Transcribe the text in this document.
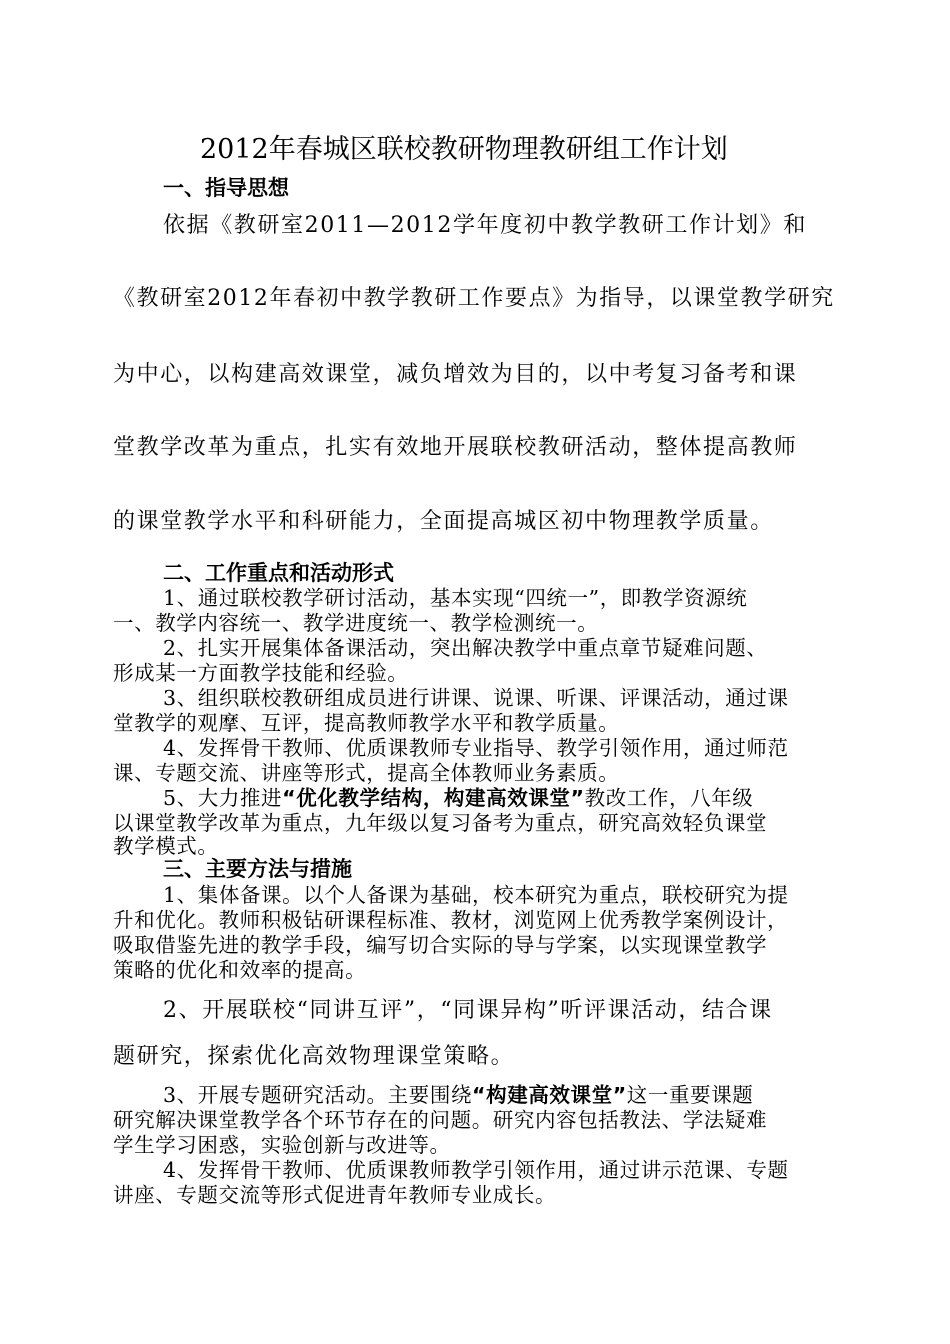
2012年春城区联校教研物理教研组工作计划
一、指导思想
依据《教研室2011—2012学年度初中教学教研工作计划》和
《教研室2012年春初中教学教研工作要点》为指导，以课堂教学研究
为中心，以构建高效课堂，减负增效为目的，以中考复习备考和课
堂教学改革为重点，扎实有效地开展联校教研活动，整体提高教师
的课堂教学水平和科研能力，全面提高城区初中物理教学质量。
二、工作重点和活动形式
1、通过联校教学研讨活动，基本实现“四统一”，即教学资源统
一、教学内容统一、教学进度统一、教学检测统一。
2、扎实开展集体备课活动，突出解决教学中重点章节疑难问题、
形成某一方面教学技能和经验。
3、组织联校教研组成员进行讲课、说课、听课、评课活动，通过课
堂教学的观摩、互评，提高教师教学水平和教学质量。
4、发挥骨干教师、优质课教师专业指导、教学引领作用，通过师范
课、专题交流、讲座等形式，提高全体教师业务素质。
5、大力推进“优化教学结构，构建高效课堂”教改工作，八年级
以课堂教学改革为重点，九年级以复习备考为重点，研究高效轻负课堂
教学模式。
三、主要方法与措施
1、集体备课。以个人备课为基础，校本研究为重点，联校研究为提
升和优化。教师积极钻研课程标准、教材，浏览网上优秀教学案例设计，
吸取借鉴先进的教学手段，编写切合实际的导与学案，以实现课堂教学
策略的优化和效率的提高。
2、开展联校“同讲互评”，“同课异构”听评课活动，结合课
题研究，探索优化高效物理课堂策略。
3、开展专题研究活动。主要围绕“构建高效课堂”这一重要课题
研究解决课堂教学各个环节存在的问题。研究内容包括教法、学法疑难
学生学习困惑，实验创新与改进等。
4、发挥骨干教师、优质课教师教学引领作用，通过讲示范课、专题
讲座、专题交流等形式促进青年教师专业成长。
